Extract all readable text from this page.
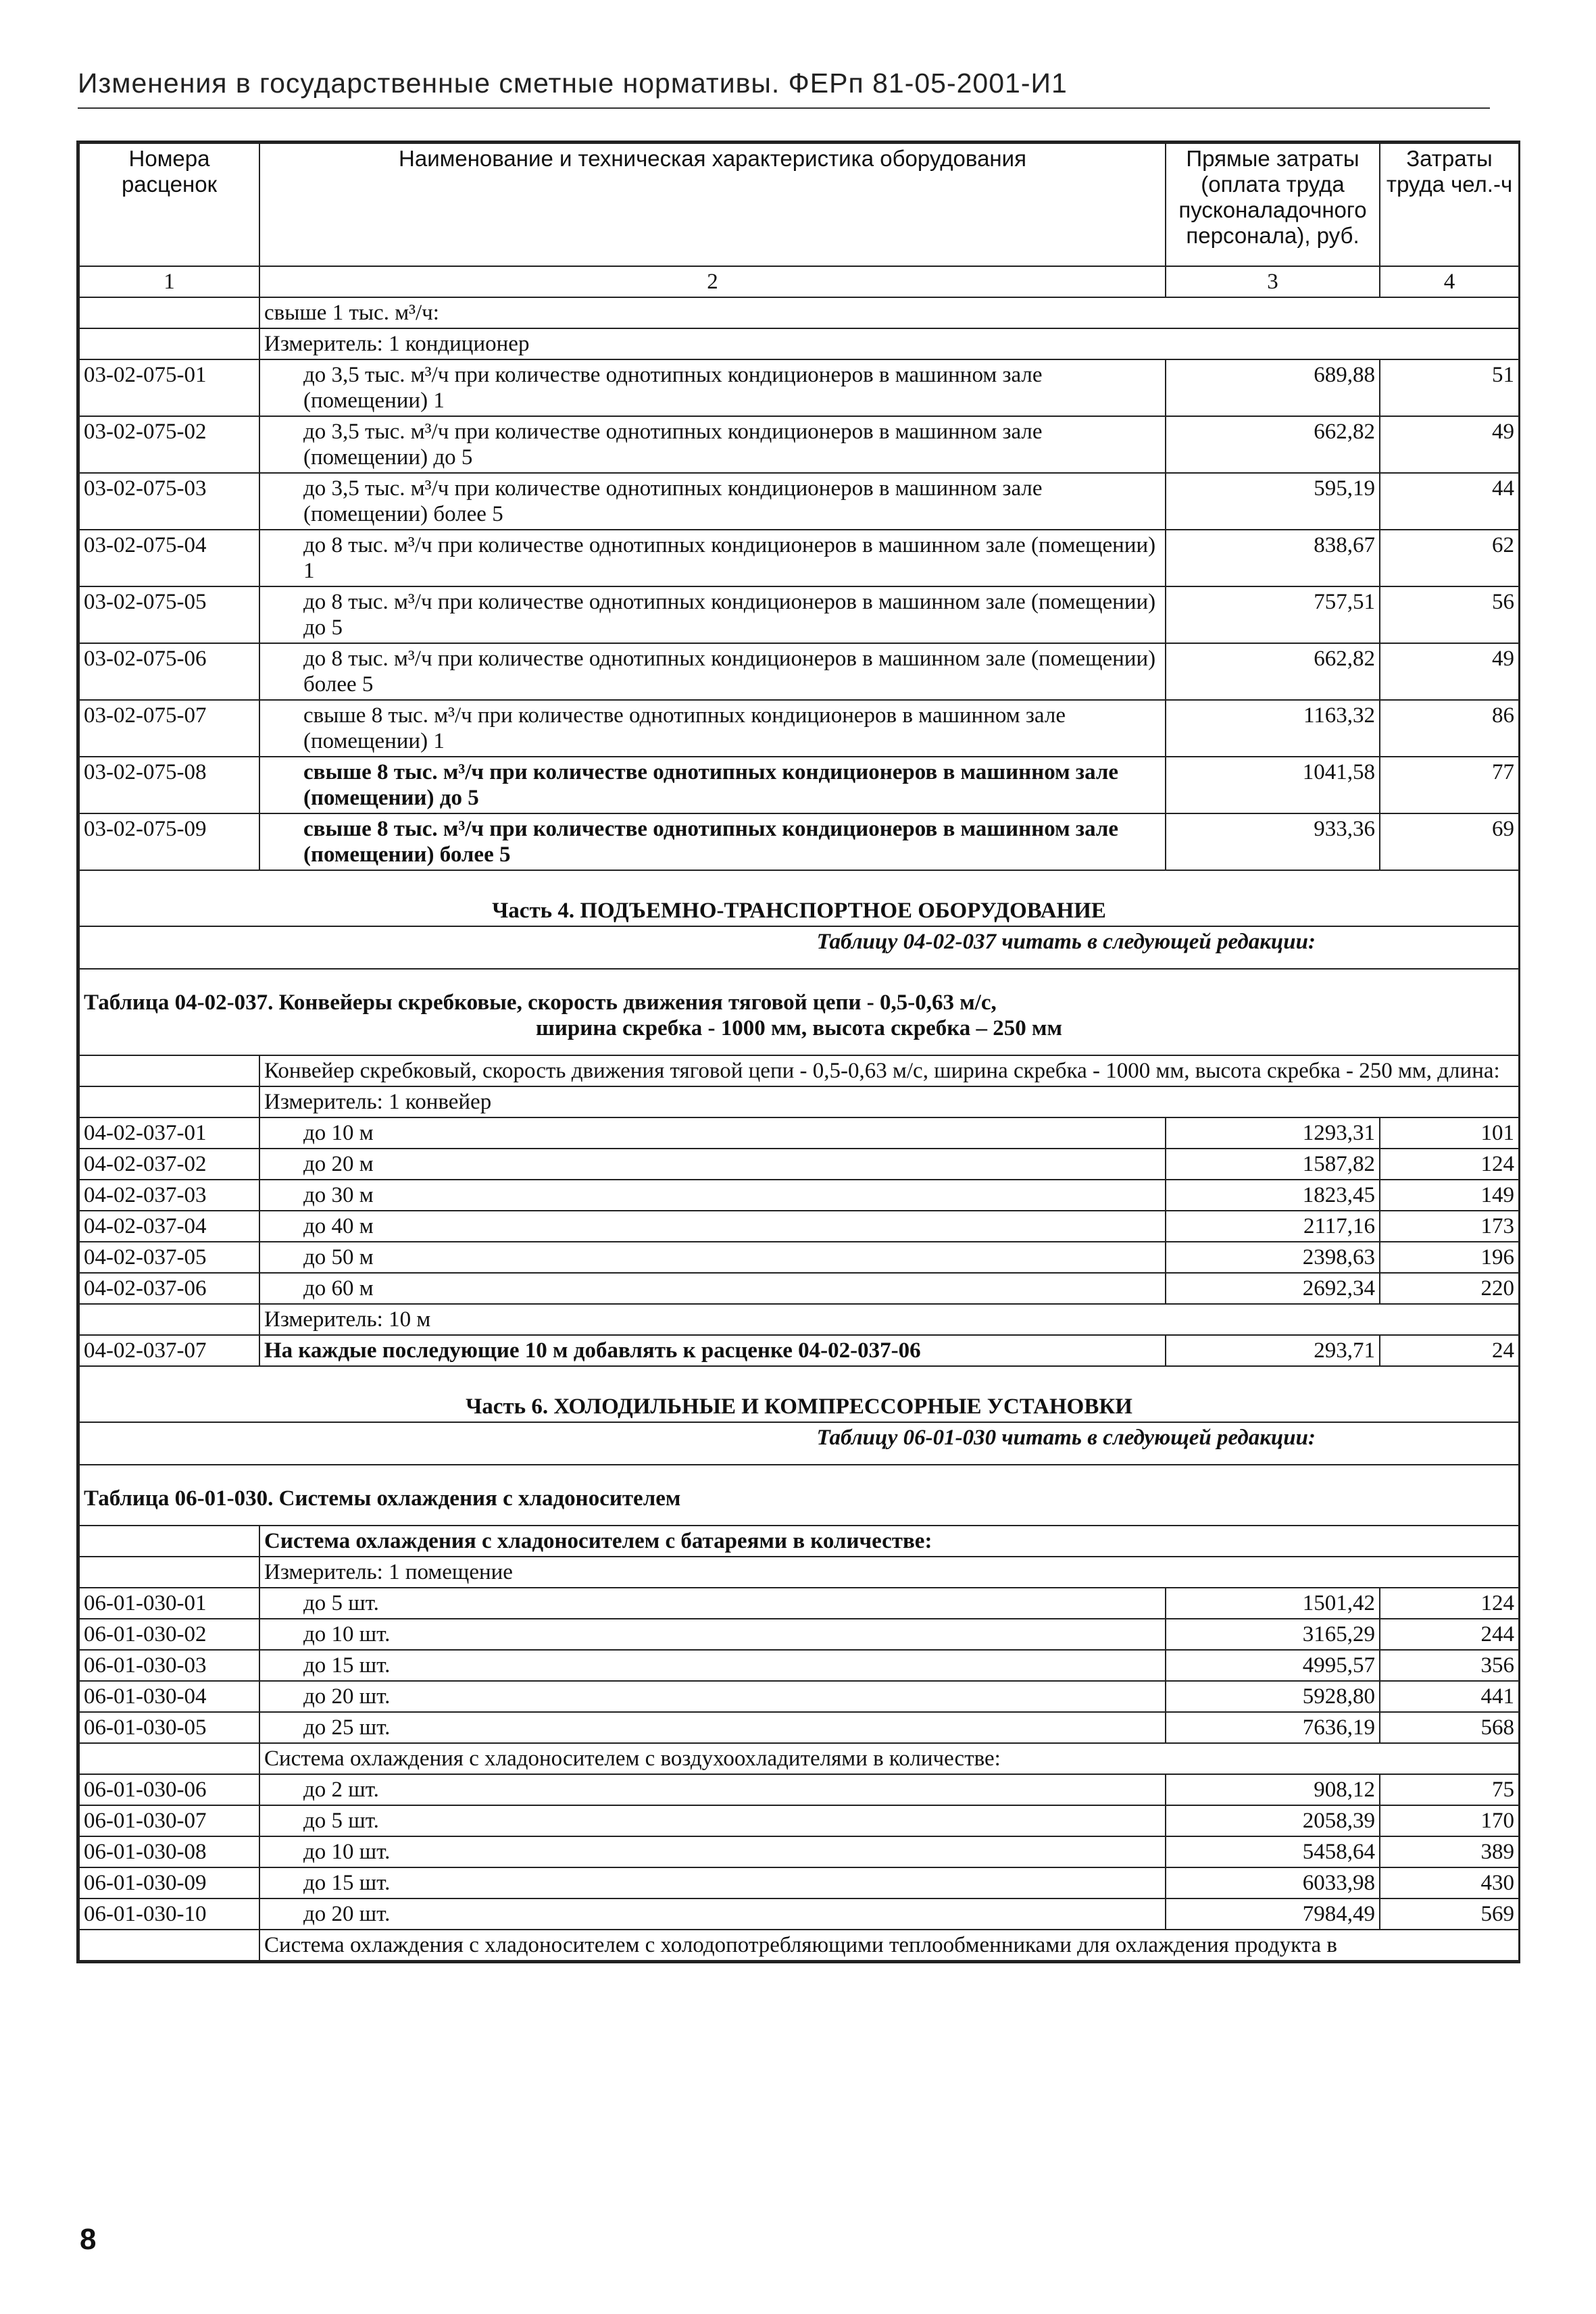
Изменения в государственные сметные нормативы. ФЕРп 81-05-2001-И1
Номера расценок	Наименование и техническая характеристика оборудования	Прямые затраты (оплата труда пусконаладочного персонала), руб.	Затраты труда чел.-ч
1	2	3	4
	свыше 1 тыс. м³/ч:		
	Измеритель: 1 кондиционер		
03-02-075-01	до 3,5 тыс. м³/ч при количестве однотипных кондиционеров в машинном зале (помещении) 1	689,88	51
03-02-075-02	до 3,5 тыс. м³/ч при количестве однотипных кондиционеров в машинном зале (помещении) до 5	662,82	49
03-02-075-03	до 3,5 тыс. м³/ч при количестве однотипных кондиционеров в машинном зале (помещении) более 5	595,19	44
03-02-075-04	до 8 тыс. м³/ч при количестве однотипных кондиционеров в машинном зале (помещении) 1	838,67	62
03-02-075-05	до 8 тыс. м³/ч при количестве однотипных кондиционеров в машинном зале (помещении) до 5	757,51	56
03-02-075-06	до 8 тыс. м³/ч при количестве однотипных кондиционеров в машинном зале (помещении) более 5	662,82	49
03-02-075-07	свыше 8 тыс. м³/ч при количестве однотипных кондиционеров в машинном зале (помещении) 1	1163,32	86
03-02-075-08	свыше 8 тыс. м³/ч при количестве однотипных кондиционеров в машинном зале (помещении) до 5	1041,58	77
03-02-075-09	свыше 8 тыс. м³/ч при количестве однотипных кондиционеров в машинном зале (помещении) более 5	933,36	69
Часть 4. ПОДЪЕМНО-ТРАНСПОРТНОЕ ОБОРУДОВАНИЕ			
Таблицу 04-02-037 читать в следующей редакции:			
Таблица 04-02-037. Конвейеры скребковые, скорость движения тяговой цепи - 0,5-0,63 м/с,
ширина скребка - 1000 мм, высота скребка – 250 мм			

	Конвейер скребковый, скорость движения тяговой цепи - 0,5-0,63 м/с, ширина скребка - 1000 мм, высота скребка - 250 мм, длина:		
	Измеритель: 1 конвейер		
04-02-037-01	до 10 м	1293,31	101
04-02-037-02	до 20 м	1587,82	124
04-02-037-03	до 30 м	1823,45	149
04-02-037-04	до 40 м	2117,16	173
04-02-037-05	до 50 м	2398,63	196
04-02-037-06	до 60 м	2692,34	220
	Измеритель: 10 м		
04-02-037-07	На каждые последующие 10 м добавлять к расценке 04-02-037-06	293,71	24
Часть 6. ХОЛОДИЛЬНЫЕ И КОМПРЕССОРНЫЕ УСТАНОВКИ			
Таблицу 06-01-030 читать в следующей редакции:			
Таблица 06-01-030. Системы охлаждения с хладоносителем			
	Система охлаждения с хладоносителем с батареями в количестве:		
	Измеритель: 1 помещение		
06-01-030-01	до 5 шт.	1501,42	124
06-01-030-02	до 10 шт.	3165,29	244
06-01-030-03	до 15 шт.	4995,57	356
06-01-030-04	до 20 шт.	5928,80	441
06-01-030-05	до 25 шт.	7636,19	568
	Система охлаждения с хладоносителем с воздухоохладителями в количестве:		
06-01-030-06	до 2 шт.	908,12	75
06-01-030-07	до 5 шт.	2058,39	170
06-01-030-08	до 10 шт.	5458,64	389
06-01-030-09	до 15 шт.	6033,98	430
06-01-030-10	до 20 шт.	7984,49	569
	Система охлаждения с хладоносителем с холодопотребляющими теплообменниками для охлаждения продукта в		
8
